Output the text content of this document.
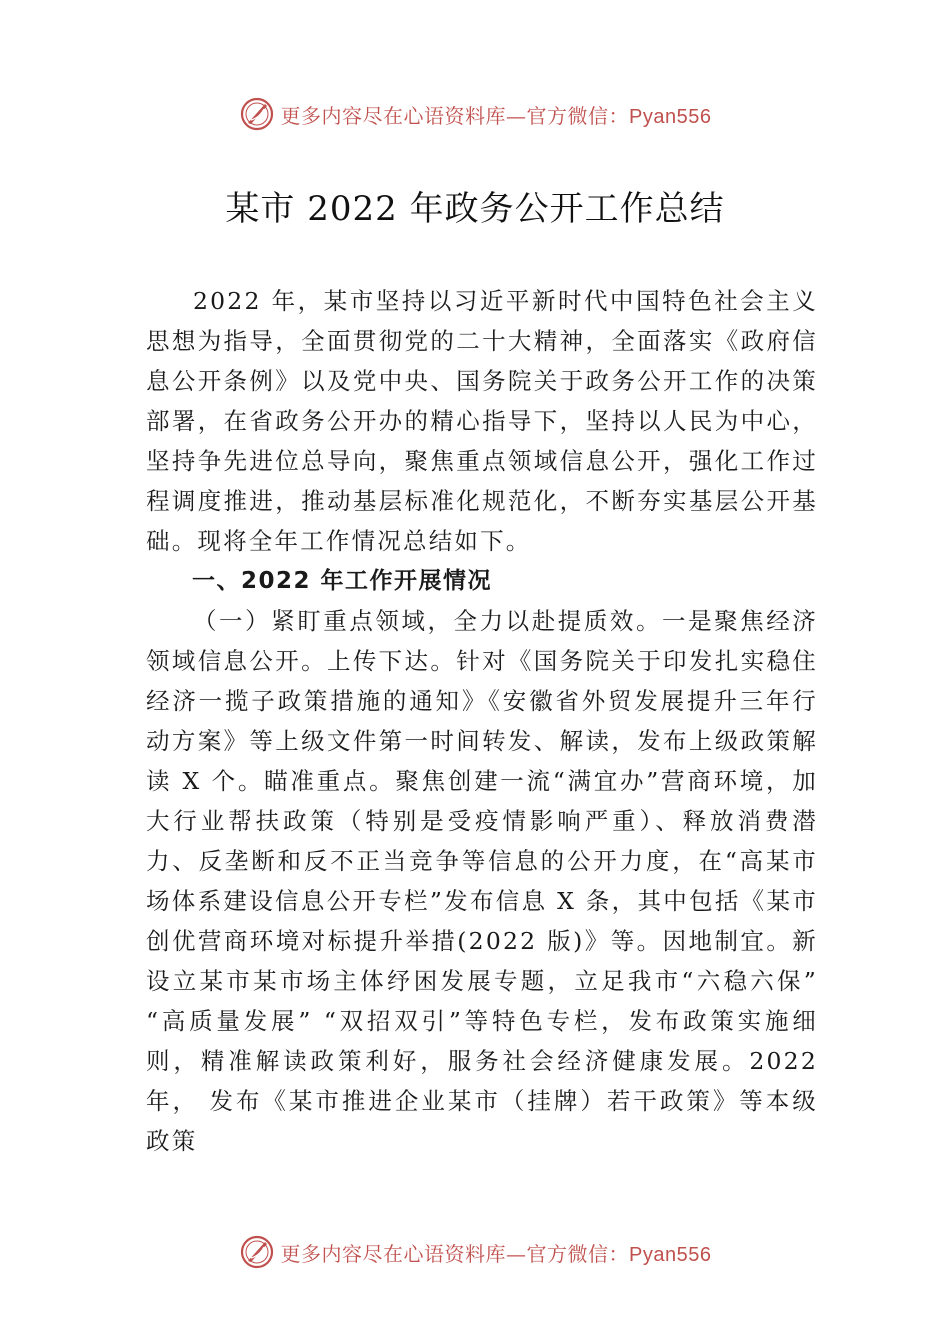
更多内容尽在心语资料库—官方微信：Pyan556
某市 2022 年政务公开工作总结

2022 年，某市坚持以习近平新时代中国特色社会主义思想为指导，全面贯彻党的二十大精神，全面落实《政府信息公开条例》以及党中央、国务院关于政务公开工作的决策部署，在省政务公开办的精心指导下，坚持以人民为中心， 坚持争先进位总导向，聚焦重点领域信息公开，强化工作过程调度推进，推动基层标准化规范化，不断夯实基层公开基础。现将全年工作情况总结如下。

一、2022 年工作开展情况

（一）紧盯重点领域，全力以赴提质效。一是聚焦经济领域信息公开。上传下达。针对《国务院关于印发扎实稳住经济一揽子政策措施的通知》《安徽省外贸发展提升三年行动方案》等上级文件第一时间转发、解读，发布上级政策解读 X 个。瞄准重点。聚焦创建一流“满宜办”营商环境，加大行业帮扶政策（特别是受疫情影响严重）、释放消费潜力、反垄断和反不正当竞争等信息的公开力度，在“高某市场体系建设信息公开专栏”发布信息 X 条，其中包括《某市创优营商环境对标提升举措(2022 版)》等。因地制宜。新设立某市某市场主体纾困发展专题，立足我市“六稳六保” “高质量发展” “双招双引”等特色专栏，发布政策实施细则，精准解读政策利好，服务社会经济健康发展。2022 年， 发布《某市推进企业某市（挂牌）若干政策》等本级政策

更多内容尽在心语资料库—官方微信：Pyan556
